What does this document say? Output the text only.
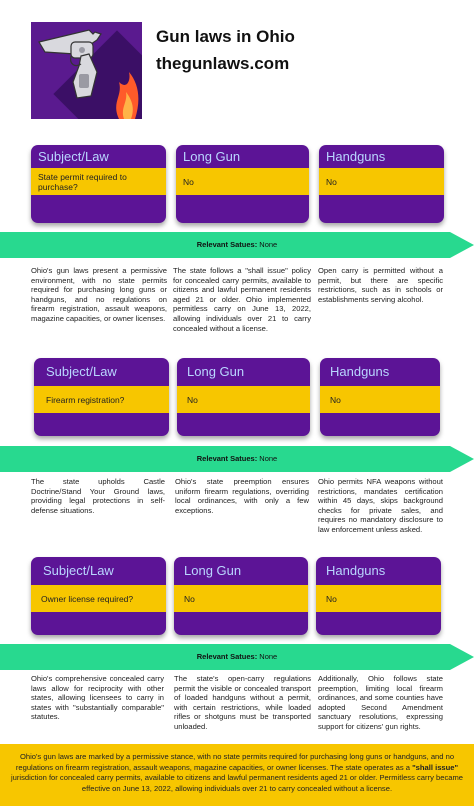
Gun laws in Ohio
thegunlaws.com
Subject/Law
State permit required to purchase?
Long Gun
No
Handguns
No
Relevant Satues: None
Ohio's gun laws present a permissive environment, with no state permits required for purchasing long guns or handguns, and no regulations on firearm registration, assault weapons, magazine capacities, or owner licenses.
The state follows a "shall issue" policy for concealed carry permits, available to citizens and lawful permanent residents aged 21 or older. Ohio implemented permitless carry on June 13, 2022, allowing individuals over 21 to carry concealed without a license.
Open carry is permitted without a permit, but there are specific restrictions, such as in schools or establishments serving alcohol.
Subject/Law
Firearm registration?
Long Gun
No
Handguns
No
Relevant Satues: None
The state upholds Castle Doctrine/Stand Your Ground laws, providing legal protections in self-defense situations.
Ohio's state preemption ensures uniform firearm regulations, overriding local ordinances, with only a few exceptions.
Ohio permits NFA weapons without restrictions, mandates certification within 45 days, skips background checks for private sales, and requires no mandatory disclosure to law enforcement unless asked.
Subject/Law
Owner license required?
Long Gun
No
Handguns
No
Relevant Satues: None
Ohio's comprehensive concealed carry laws allow for reciprocity with other states, allowing licensees to carry in states with "substantially comparable" statutes.
The state's open-carry regulations permit the visible or concealed transport of loaded handguns without a permit, with certain restrictions, while loaded rifles or shotguns must be transported unloaded.
Additionally, Ohio follows state preemption, limiting local firearm ordinances, and some counties have adopted Second Amendment sanctuary resolutions, expressing support for citizens' gun rights.
Ohio's gun laws are marked by a permissive stance, with no state permits required for purchasing long guns or handguns, and no regulations on firearm registration, assault weapons, magazine capacities, or owner licenses. The state operates as a "shall issue" jurisdiction for concealed carry permits, available to citizens and lawful permanent residents aged 21 or older. Permitless carry became effective on June 13, 2022, allowing individuals over 21 to carry concealed without a license.
